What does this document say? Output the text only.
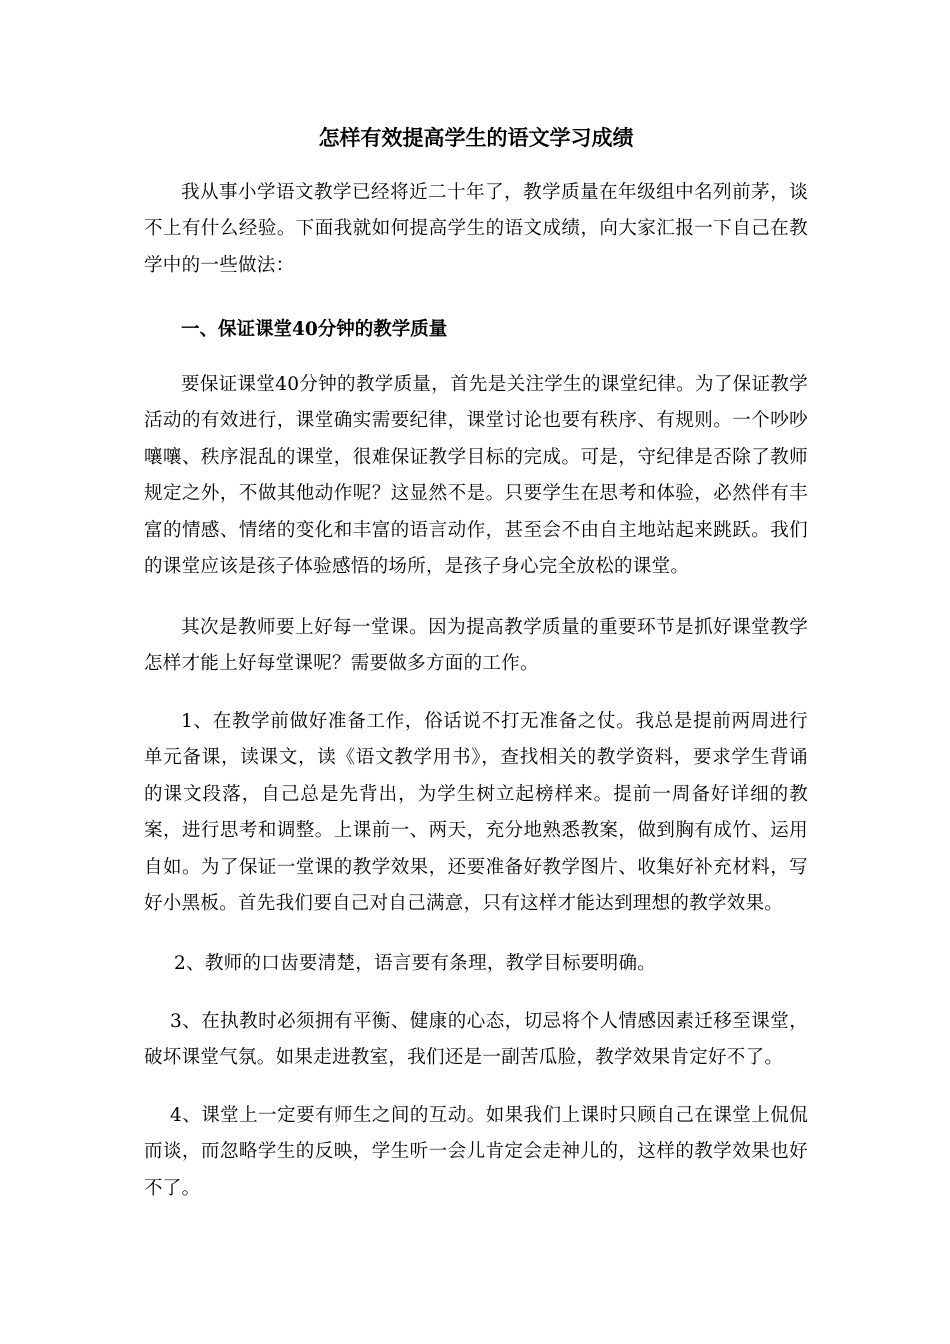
怎样有效提高学生的语文学习成绩

我从事小学语文教学已经将近二十年了，教学质量在年级组中名列前茅，谈不上有什么经验。下面我就如何提高学生的语文成绩，向大家汇报一下自己在教学中的一些做法：

一、保证课堂40分钟的教学质量

要保证课堂40分钟的教学质量，首先是关注学生的课堂纪律。为了保证教学活动的有效进行，课堂确实需要纪律，课堂讨论也要有秩序、有规则。一个吵吵嚷嚷、秩序混乱的课堂，很难保证教学目标的完成。可是，守纪律是否除了教师规定之外，不做其他动作呢？这显然不是。只要学生在思考和体验，必然伴有丰富的情感、情绪的变化和丰富的语言动作，甚至会不由自主地站起来跳跃。我们的课堂应该是孩子体验感悟的场所，是孩子身心完全放松的课堂。

其次是教师要上好每一堂课。因为提高教学质量的重要环节是抓好课堂教学怎样才能上好每堂课呢？需要做多方面的工作。

1、在教学前做好准备工作，俗话说不打无准备之仗。我总是提前两周进行单元备课，读课文，读《语文教学用书》，查找相关的教学资料，要求学生背诵的课文段落，自己总是先背出，为学生树立起榜样来。提前一周备好详细的教案，进行思考和调整。上课前一、两天，充分地熟悉教案，做到胸有成竹、运用自如。为了保证一堂课的教学效果，还要准备好教学图片、收集好补充材料，写好小黑板。首先我们要自己对自己满意，只有这样才能达到理想的教学效果。

2、教师的口齿要清楚，语言要有条理，教学目标要明确。

3、在执教时必须拥有平衡、健康的心态，切忌将个人情感因素迁移至课堂，破坏课堂气氛。如果走进教室，我们还是一副苦瓜脸，教学效果肯定好不了。

4、课堂上一定要有师生之间的互动。如果我们上课时只顾自己在课堂上侃侃而谈，而忽略学生的反映，学生听一会儿肯定会走神儿的，这样的教学效果也好不了。
